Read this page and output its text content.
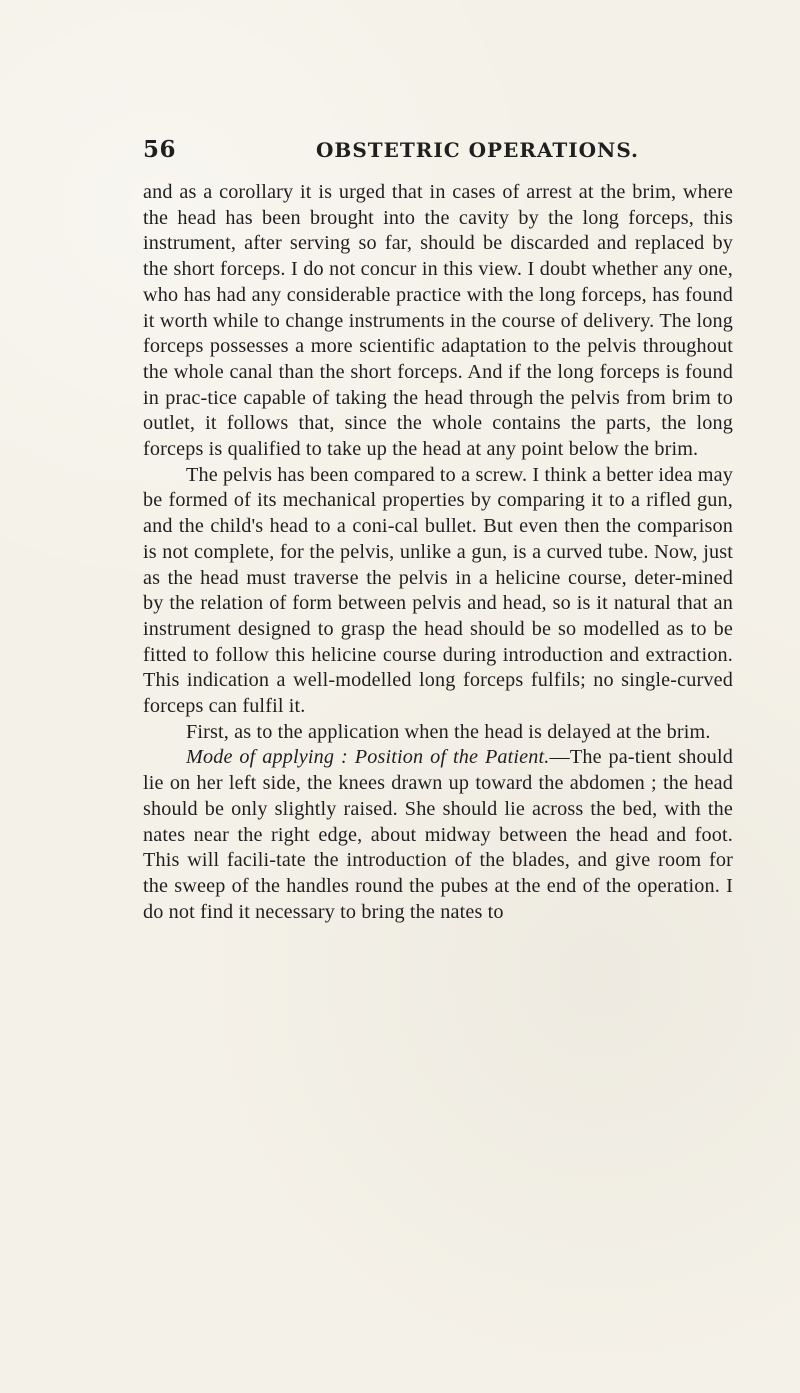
56	OBSTETRIC OPERATIONS.

and as a corollary it is urged that in cases of arrest at the brim, where the head has been brought into the cavity by the long forceps, this instrument, after serving so far, should be discarded and replaced by the short forceps. I do not concur in this view. I doubt whether any one, who has had any considerable practice with the long forceps, has found it worth while to change instruments in the course of delivery. The long forceps possesses a more scientific adaptation to the pelvis throughout the whole canal than the short forceps. And if the long forceps is found in prac-tice capable of taking the head through the pelvis from brim to outlet, it follows that, since the whole contains the parts, the long forceps is qualified to take up the head at any point below the brim.

The pelvis has been compared to a screw. I think a better idea may be formed of its mechanical properties by comparing it to a rifled gun, and the child's head to a coni-cal bullet. But even then the comparison is not complete, for the pelvis, unlike a gun, is a curved tube. Now, just as the head must traverse the pelvis in a helicine course, deter-mined by the relation of form between pelvis and head, so is it natural that an instrument designed to grasp the head should be so modelled as to be fitted to follow this helicine course during introduction and extraction. This indication a well-modelled long forceps fulfils; no single-curved forceps can fulfil it.

First, as to the application when the head is delayed at the brim.

Mode of applying : Position of the Patient.—The pa-tient should lie on her left side, the knees drawn up toward the abdomen ; the head should be only slightly raised. She should lie across the bed, with the nates near the right edge, about midway between the head and foot. This will facili-tate the introduction of the blades, and give room for the sweep of the handles round the pubes at the end of the operation. I do not find it necessary to bring the nates to
